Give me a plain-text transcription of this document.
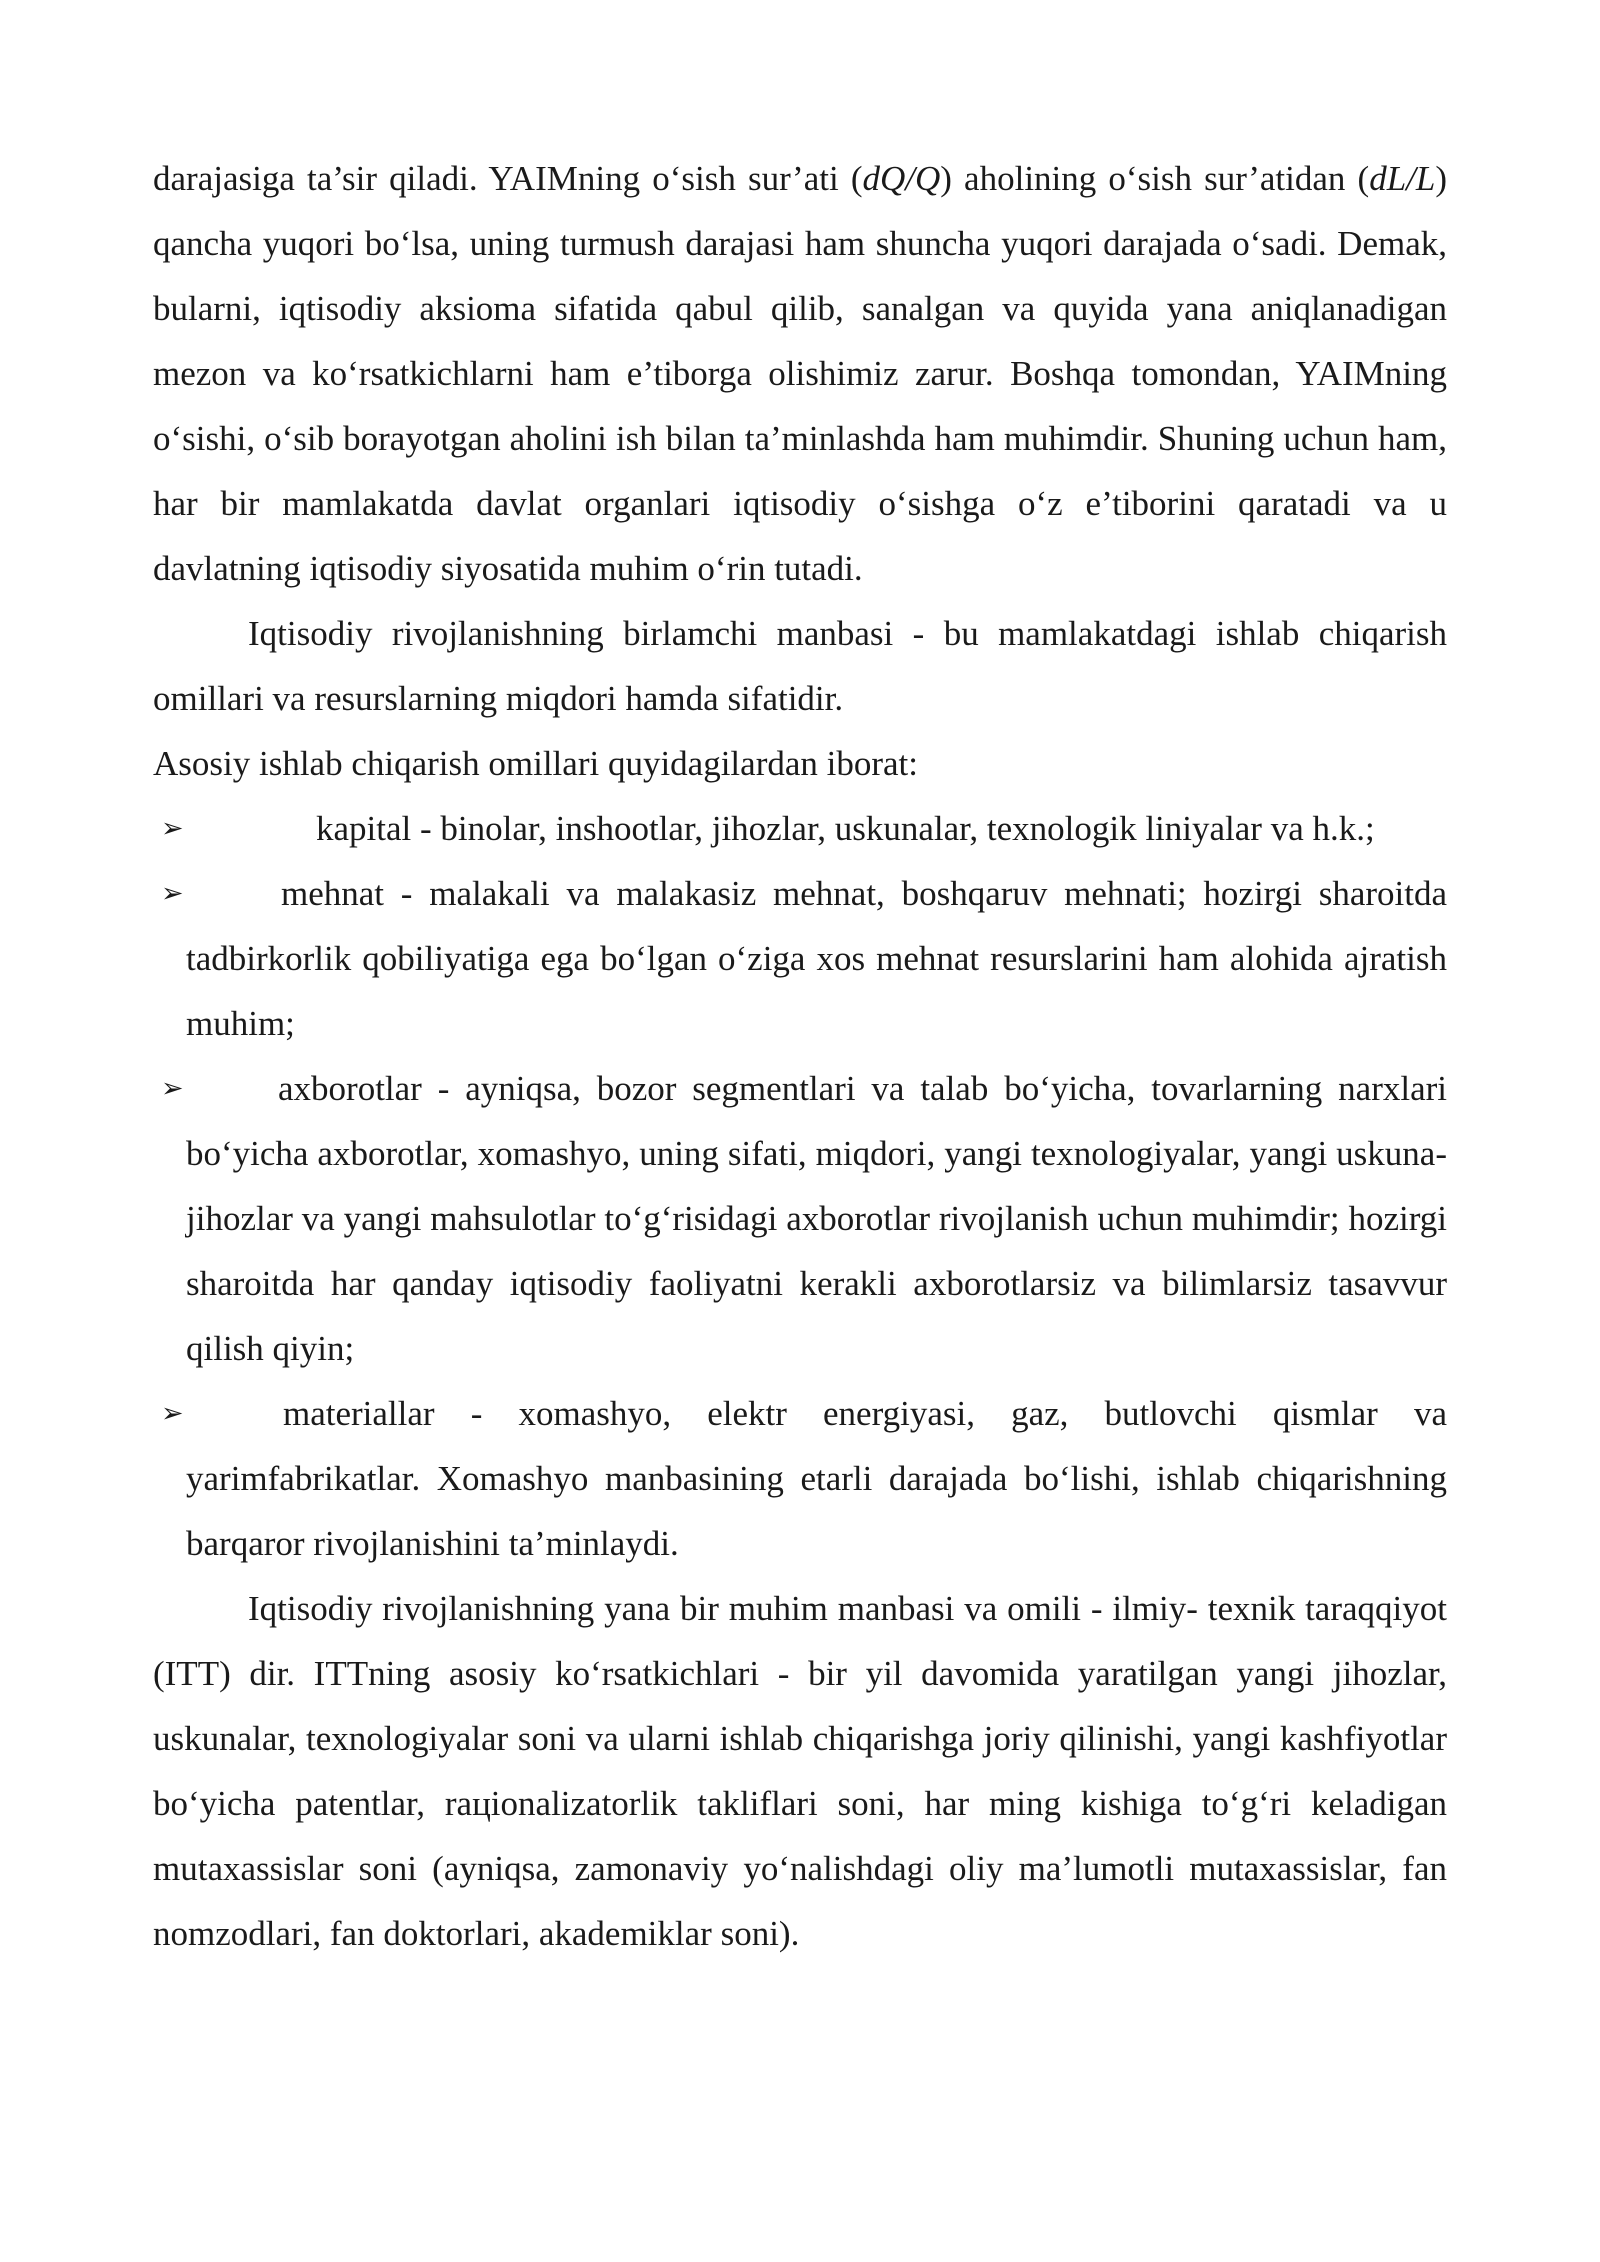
darajasiga ta’sir qiladi. YAIMning o‘sish sur’ati (dQ/Q) aholining o‘sish sur’atidan (dL/L) qancha yuqori bo‘lsa, uning turmush darajasi ham shuncha yuqori darajada o‘sadi. Demak, bularni, iqtisodiy aksioma sifatida qabul qilib, sanalgan va quyida yana aniqlanadigan mezon va ko‘rsatkichlarni ham e’tiborga olishimiz zarur. Boshqa tomondan, YAIMning o‘sishi, o‘sib borayotgan aholini ish bilan ta’minlashda ham muhimdir. Shuning uchun ham, har bir mamlakatda davlat organlari iqtisodiy o‘sishga o‘z e’tiborini qaratadi va u davlatning iqtisodiy siyosatida muhim o‘rin tutadi.

Iqtisodiy rivojlanishning birlamchi manbasi - bu mamlakatdagi ishlab chiqarish omillari va resurslarning miqdori hamda sifatidir.

Asosiy ishlab chiqarish omillari quyidagilardan iborat:

➢	kapital - binolar, inshootlar, jihozlar, uskunalar, texnologik liniyalar va h.k.;
➢	mehnat - malakali va malakasiz mehnat, boshqaruv mehnati; hozirgi sharoitda tadbirkorlik qobiliyatiga ega bo‘lgan o‘ziga xos mehnat resurslarini ham alohida ajratish muhim;
➢	axborotlar - ayniqsa, bozor segmentlari va talab bo‘yicha, tovarlarning narxlari bo‘yicha axborotlar, xomashyo, uning sifati, miqdori, yangi texnologiyalar, yangi uskuna-jihozlar va yangi mahsulotlar to‘g‘risidagi axborotlar rivojlanish uchun muhimdir; hozirgi sharoitda har qanday iqtisodiy faoliyatni kerakli axborotlarsiz va bilimlarsiz tasavvur qilish qiyin;
➢	materiallar - xomashyo, elektr energiyasi, gaz, butlovchi qismlar va yarimfabrikatlar. Xomashyo manbasining etarli darajada bo‘lishi, ishlab chiqarishning barqaror rivojlanishini ta’minlaydi.

Iqtisodiy rivojlanishning yana bir muhim manbasi va omili - ilmiy- texnik taraqqiyot (ITT) dir. ITTning asosiy ko‘rsatkichlari - bir yil davomida yaratilgan yangi jihozlar, uskunalar, texnologiyalar soni va ularni ishlab chiqarishga joriy qilinishi, yangi kashfiyotlar bo‘yicha patentlar, raцionalizatorlik takliflari soni, har ming kishiga to‘g‘ri keladigan mutaxassislar soni (ayniqsa, zamonaviy yo‘nalishdagi oliy ma’lumotli mutaxassislar, fan nomzodlari, fan doktorlari, akademiklar soni).
